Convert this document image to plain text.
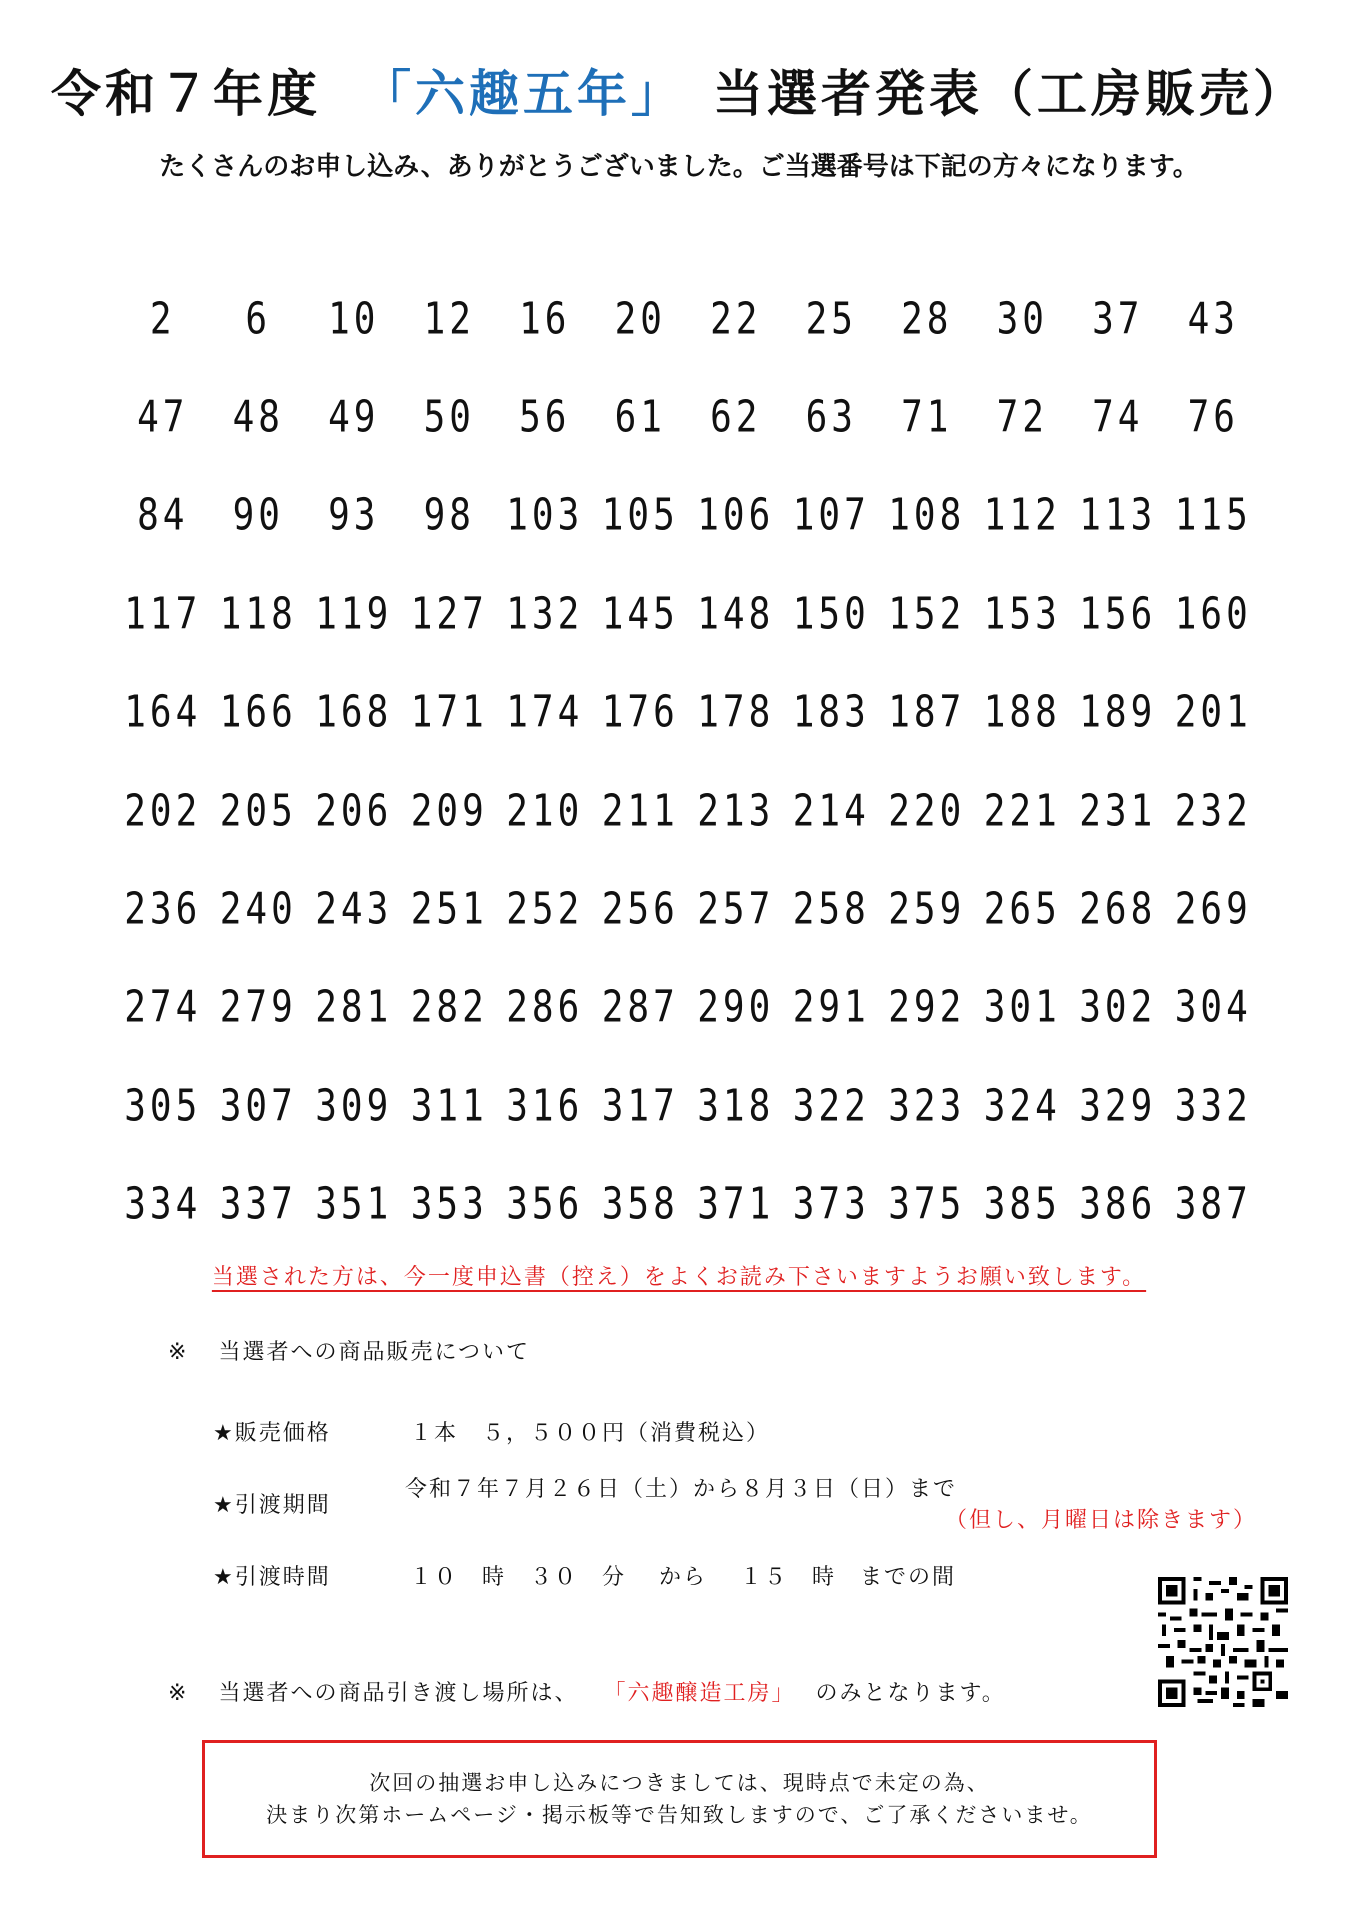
令和７年度 「六趣五年」 当選者発表（工房販売）
たくさんのお申し込み、ありがとうございました。ご当選番号は下記の方々になります。
2	6	10	12	16	20	22	25	28	30	37	43
47	48	49	50	56	61	62	63	71	72	74	76
84	90	93	98 103 105 106 107 108 112 113 115
117 118 119 127 132 145 148 150 152 153 156 160
164 166 168 171 174 176 178 183 187 188 189 201
202 205 206 209 210 211 213 214 220 221 231 232
236 240 243 251 252 256 257 258 259 265 268 269
274 279 281 282 286 287 290 291 292 301 302 304
305 307 309 311 316 317 318 322 323 324 329 332
334 337 351 353 356 358 371 373 375 385 386 387
当選された方は、今一度申込書（控え）をよくお読み下さいますようお願い致します。
※ 当選者への商品販売について
★販売価格	１本　５，５００円（消費税込）
★引渡期間
令和７年７月２６日（土）から８月３日（日）まで
（但し、月曜日は除きます）
★引渡時間	１０　時　３０　分　 から　 １５　時　までの間
※ 当選者への商品引き渡し場所は、 「六趣醸造工房」 のみとなります。
次回の抽選お申し込みにつきましては、現時点で未定の為、
決まり次第ホームページ・掲示板等で告知致しますので、ご了承くださいませ。
